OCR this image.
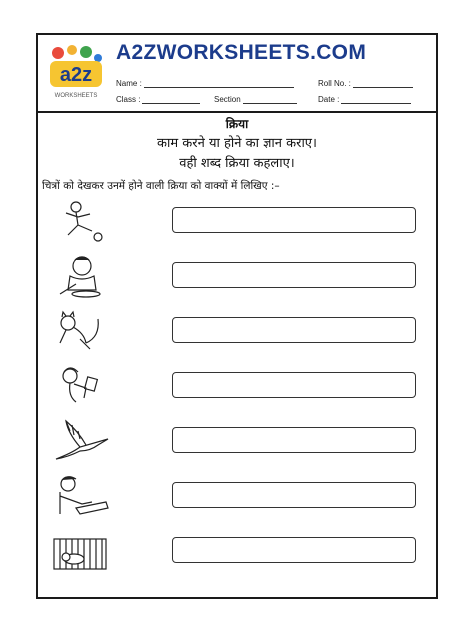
a2z
WORKSHEETS
A2ZWORKSHEETS.COM
Name :	Roll No. :
Class :	Section	Date :
क्रिया
काम करने या होने का ज्ञान कराए।
वही शब्द क्रिया कहलाए।
चित्रों को देखकर उनमें होने वाली क्रिया को वाक्यों में लिखिए :–
